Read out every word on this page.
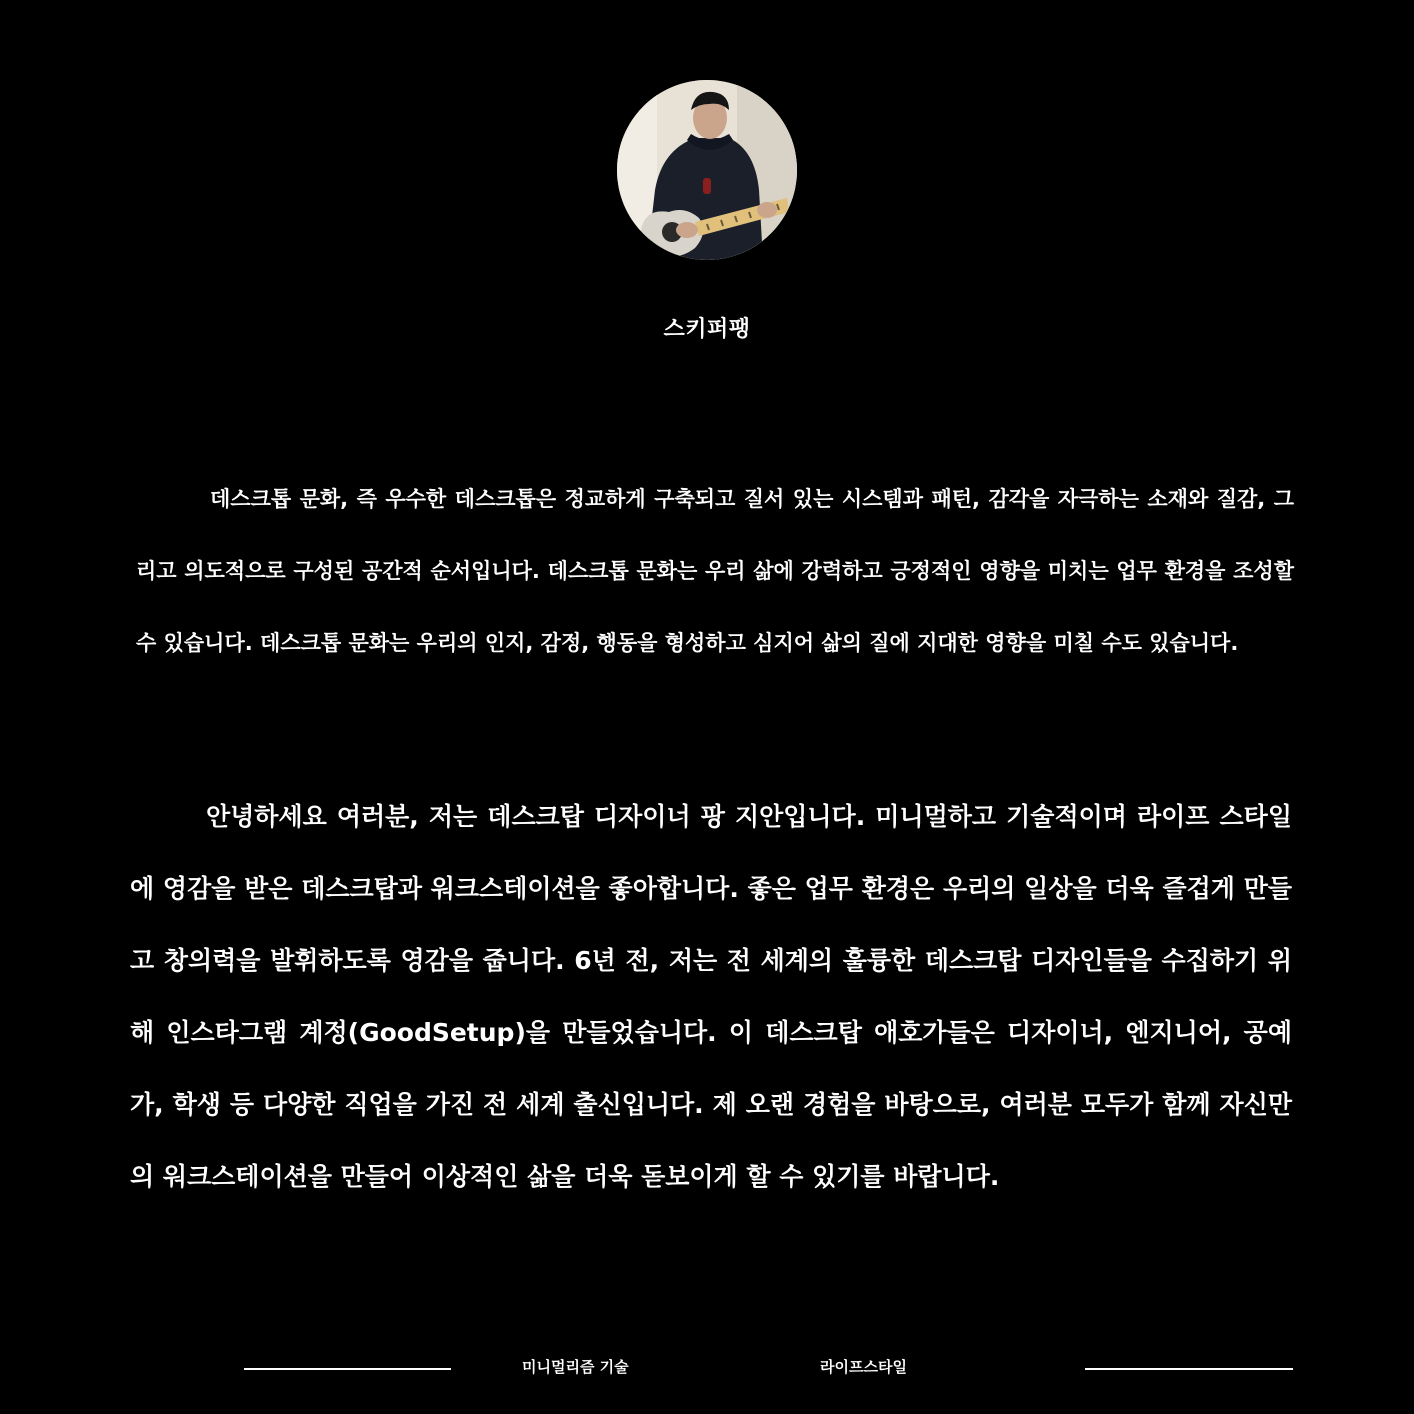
스키퍼팽

데스크톱 문화, 즉 우수한 데스크톱은 정교하게 구축되고 질서 있는 시스템과 패턴, 감각을 자극하는 소재와 질감, 그리고 의도적으로 구성된 공간적 순서입니다. 데스크톱 문화는 우리 삶에 강력하고 긍정적인 영향을 미치는 업무 환경을 조성할 수 있습니다. 데스크톱 문화는 우리의 인지, 감정, 행동을 형성하고 심지어 삶의 질에 지대한 영향을 미칠 수도 있습니다.

안녕하세요 여러분, 저는 데스크탑 디자이너 팡 지안입니다. 미니멀하고 기술적이며 라이프 스타일에 영감을 받은 데스크탑과 워크스테이션을 좋아합니다. 좋은 업무 환경은 우리의 일상을 더욱 즐겁게 만들고 창의력을 발휘하도록 영감을 줍니다. 6년 전, 저는 전 세계의 훌륭한 데스크탑 디자인들을 수집하기 위해 인스타그램 계정(GoodSetup)을 만들었습니다. 이 데스크탑 애호가들은 디자이너, 엔지니어, 공예가, 학생 등 다양한 직업을 가진 전 세계 출신입니다. 제 오랜 경험을 바탕으로, 여러분 모두가 함께 자신만의 워크스테이션을 만들어 이상적인 삶을 더욱 돋보이게 할 수 있기를 바랍니다.

미니멀리즘 기술	라이프스타일
